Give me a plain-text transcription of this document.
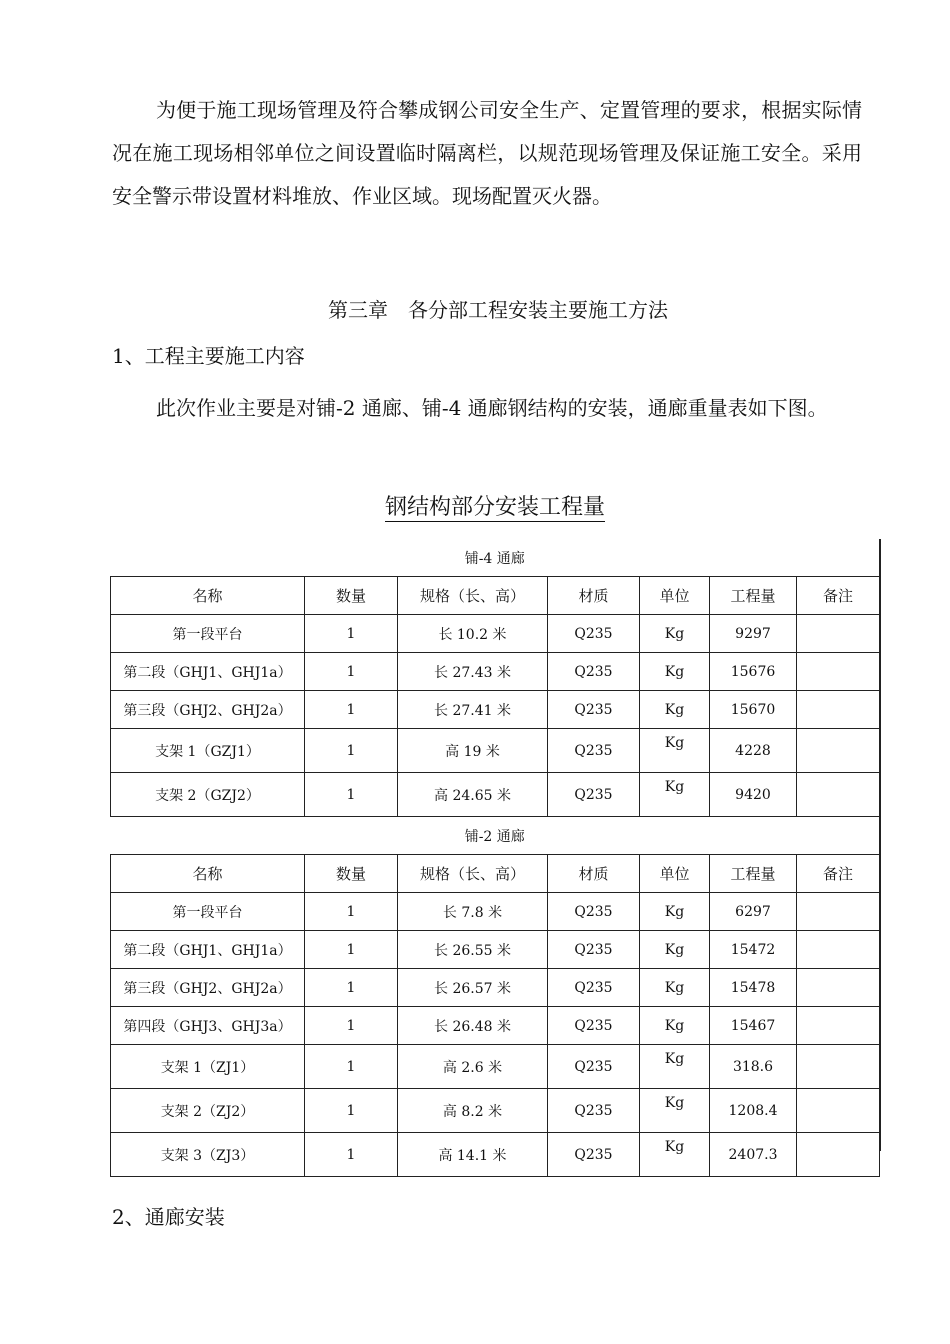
为便于施工现场管理及符合攀成钢公司安全生产、定置管理的要求，根据实际情况在施工现场相邻单位之间设置临时隔离栏，以规范现场管理及保证施工安全。采用安全警示带设置材料堆放、作业区域。现场配置灭火器。

第三章　各分部工程安装主要施工方法
1、工程主要施工内容

此次作业主要是对铺-2 通廊、铺-4 通廊钢结构的安装，通廊重量表如下图。

钢结构部分安装工程量
铺-4 通廊						
名称	数量	规格（长、高）	材质	单位	工程量	备注
第一段平台	1	长 10.2 米	Q235	Kg	9297	
第二段（GHJ1、GHJ1a）	1	长 27.43 米	Q235	Kg	15676	
第三段（GHJ2、GHJ2a）	1	长 27.41 米	Q235	Kg	15670	
支架 1（GZJ1）	1	高 19 米	Q235	Kg	4228	
支架 2（GZJ2）	1	高 24.65 米	Q235	Kg	9420	
铺-2 通廊						
名称	数量	规格（长、高）	材质	单位	工程量	备注
第一段平台	1	长 7.8 米	Q235	Kg	6297	
第二段（GHJ1、GHJ1a）	1	长 26.55 米	Q235	Kg	15472	
第三段（GHJ2、GHJ2a）	1	长 26.57 米	Q235	Kg	15478	
第四段（GHJ3、GHJ3a）	1	长 26.48 米	Q235	Kg	15467	
支架 1（ZJ1）	1	高 2.6 米	Q235	Kg	318.6	
支架 2（ZJ2）	1	高 8.2 米	Q235	Kg	1208.4	
支架 3（ZJ3）	1	高 14.1 米	Q235	Kg	2407.3	
2、通廊安装
